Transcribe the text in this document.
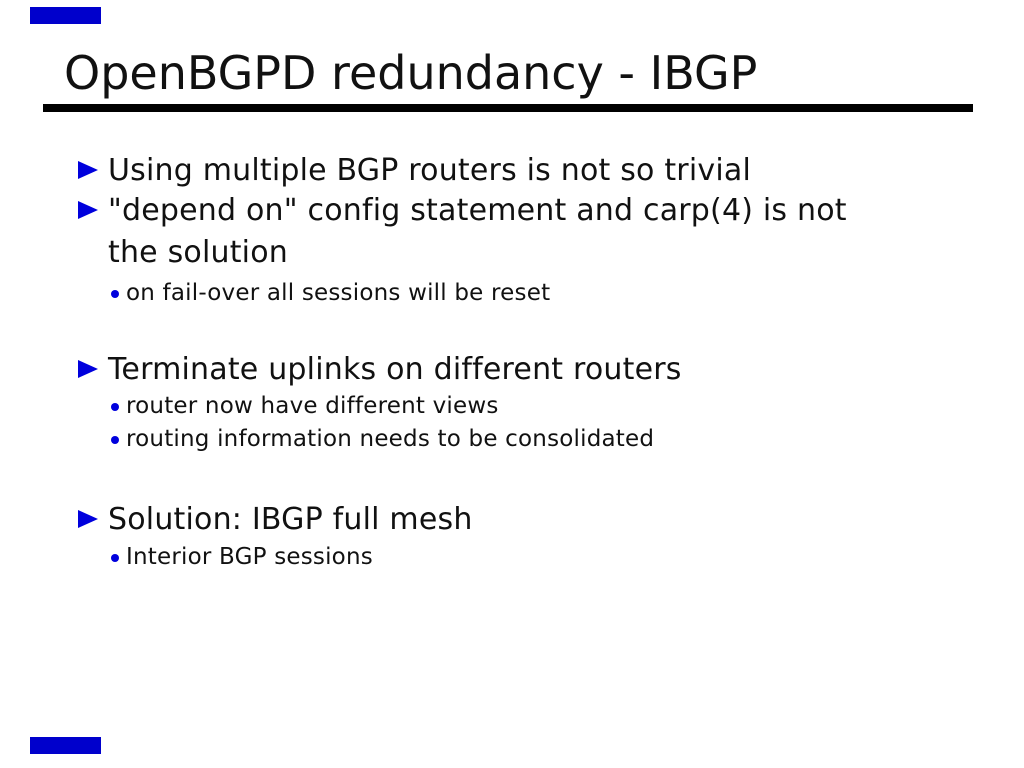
OpenBGPD redundancy - IBGP
Using multiple BGP routers is not so trivial
"depend on" config statement and carp(4) is not
the solution
on fail-over all sessions will be reset
Terminate uplinks on different routers
router now have different views
routing information needs to be consolidated
Solution: IBGP full mesh
Interior BGP sessions
